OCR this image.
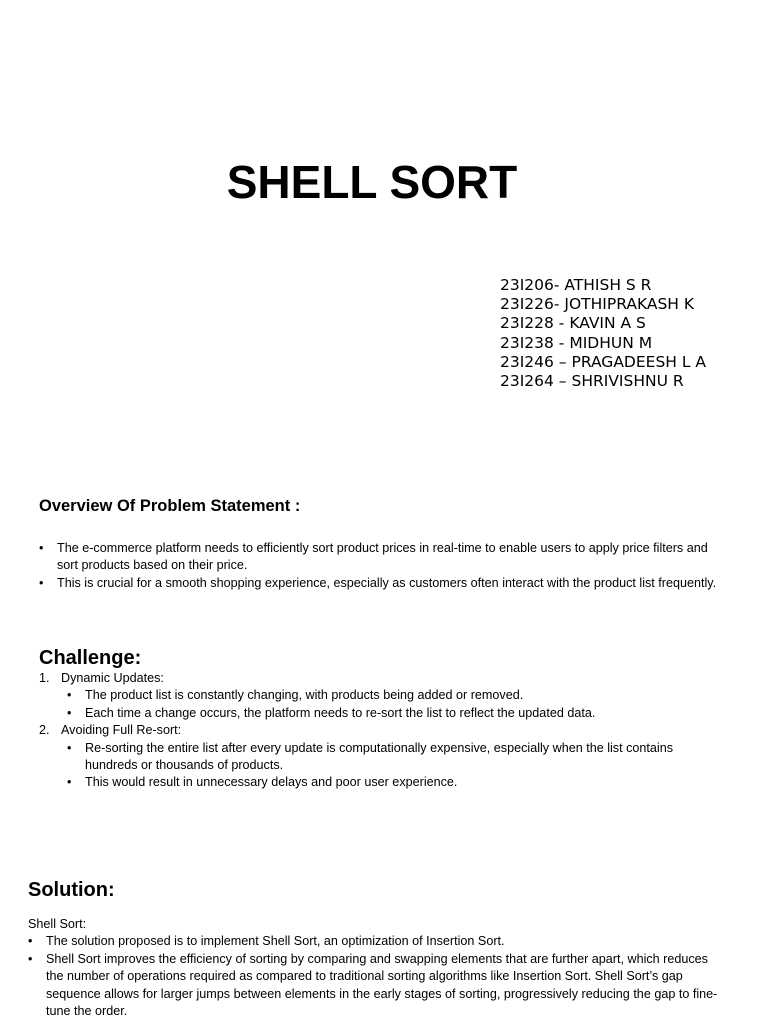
SHELL SORT
23I206- ATHISH S R
23I226- JOTHIPRAKASH K
23I228 - KAVIN A S
23I238 - MIDHUN M
23I246 – PRAGADEESH L A
23I264 – SHRIVISHNU R
Overview Of Problem Statement :
• The e-commerce platform needs to efficiently sort product prices in real-time to enable users to apply price filters and sort products based on their price.
• This is crucial for a smooth shopping experience, especially as customers often interact with the product list frequently.
Challenge:
1. Dynamic Updates:
• The product list is constantly changing, with products being added or removed.
• Each time a change occurs, the platform needs to re-sort the list to reflect the updated data.
2. Avoiding Full Re-sort:
• Re-sorting the entire list after every update is computationally expensive, especially when the list contains hundreds or thousands of products.
• This would result in unnecessary delays and poor user experience.
Solution:
Shell Sort:
• The solution proposed is to implement Shell Sort, an optimization of Insertion Sort.
• Shell Sort improves the efficiency of sorting by comparing and swapping elements that are further apart, which reduces the number of operations required as compared to traditional sorting algorithms like Insertion Sort. Shell Sort’s gap sequence allows for larger jumps between elements in the early stages of sorting, progressively reducing the gap to fine-tune the order.
